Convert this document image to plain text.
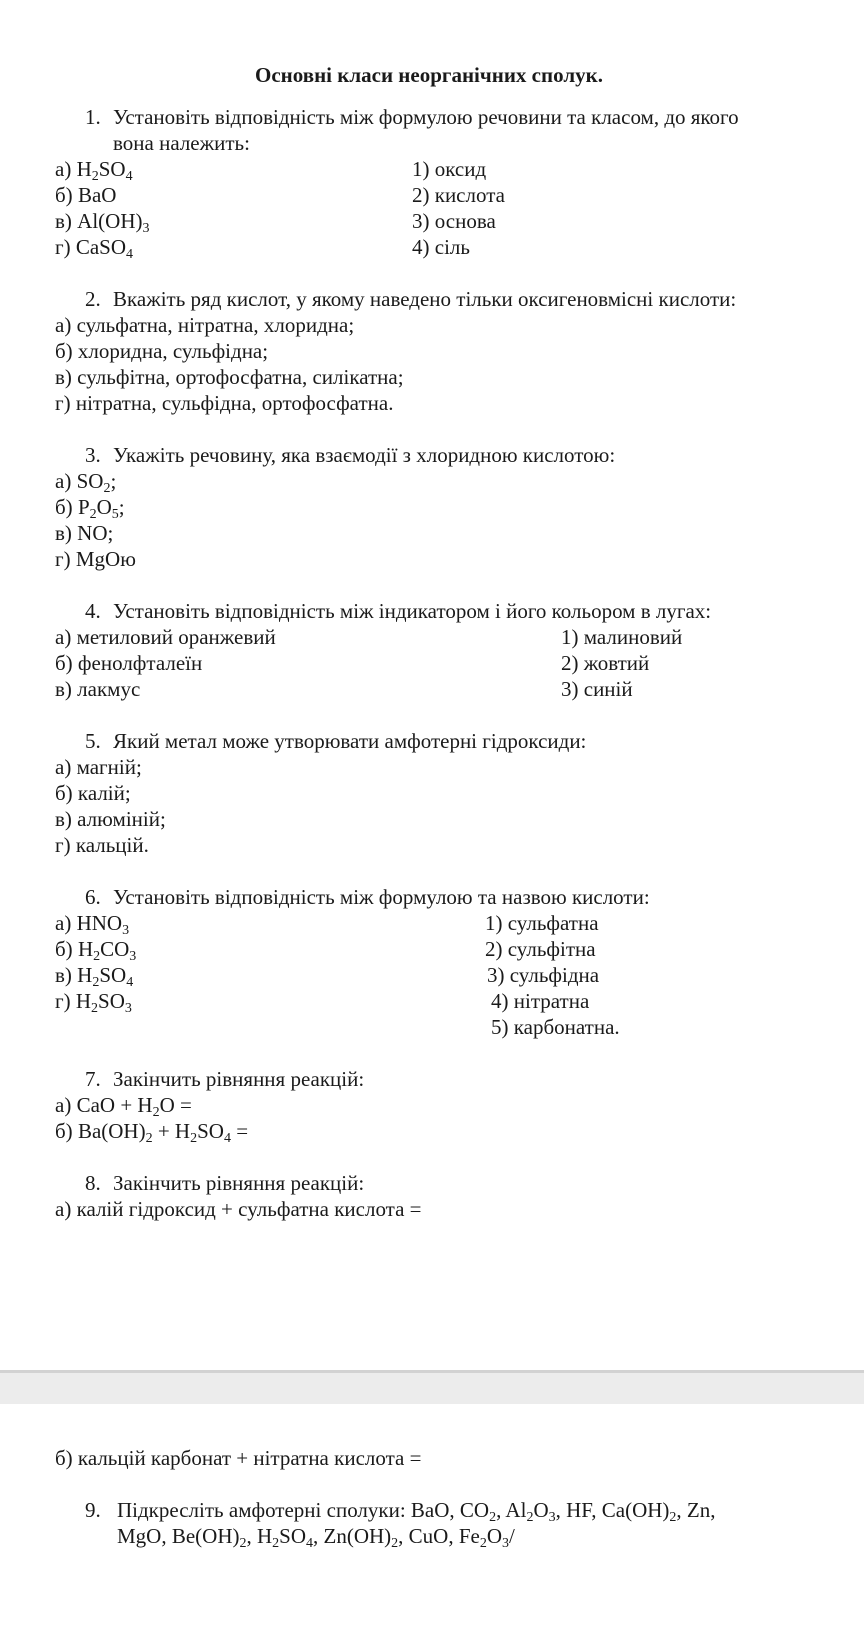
Основні класи неорганічних сполук.
1. Установіть відповідність між формулою речовини та класом, до якого
вона належить:
а) $H_2SO_4$
б) BaO
в) $Al(OH)_3$
г) CaSO$_4$
1) оксид
2) кислота
3) основа
4) сіль
2. Вкажіть ряд кислот, у якому наведено тільки оксигеновмісні кислоти:
а) сульфатна, нітратна, хлоридна;
б) хлоридна, сульфідна;
в) сульфітна, ортофосфатна, силікатна;
г) нітратна, сульфідна, ортофосфатна.
3. Укажіть речовину, яка взаємодії з хлоридною кислотою:
а) $SO_2$;
б) $P_2O_5$;
в) NO;
г) MgOю
4. Установіть відповідність між індикатором і його кольором в лугах:
а) метиловий оранжевий
б) фенолфталеїн
в) лакмус
1) малиновий
2) жовтий
3) синій
5. Який метал може утворювати амфотерні гідроксиди:
а) магній;
б) калій;
в) алюміній;
г) кальцій.
6. Установіть відповідність між формулою та назвою кислоти:
а) $HNO_3$
б) $H_2CO_3$
в) $H_2SO_4$
г) $H_2SO_3$
1) сульфатна
2) сульфітна
3) сульфідна
4) нітратна
5) карбонатна.
7. Закінчить рівняння реакцій:
а) CaO + $H_2O$ =
б) $Ba(OH)_2 + H_2SO_4$ =
8. Закінчить рівняння реакцій:
а) калій гідроксид + сульфатна кислота =
б) кальцій карбонат + нітратна кислота =
9. Підкресліть амфотерні сполуки: BaO, $CO_2$, $Al_2O_3$, HF, $Ca(OH)_2$, Zn,
MgO, $Be(OH)_2$, $H_2SO_4$, $Zn(OH)_2$, CuO, $Fe_2O_3/$
